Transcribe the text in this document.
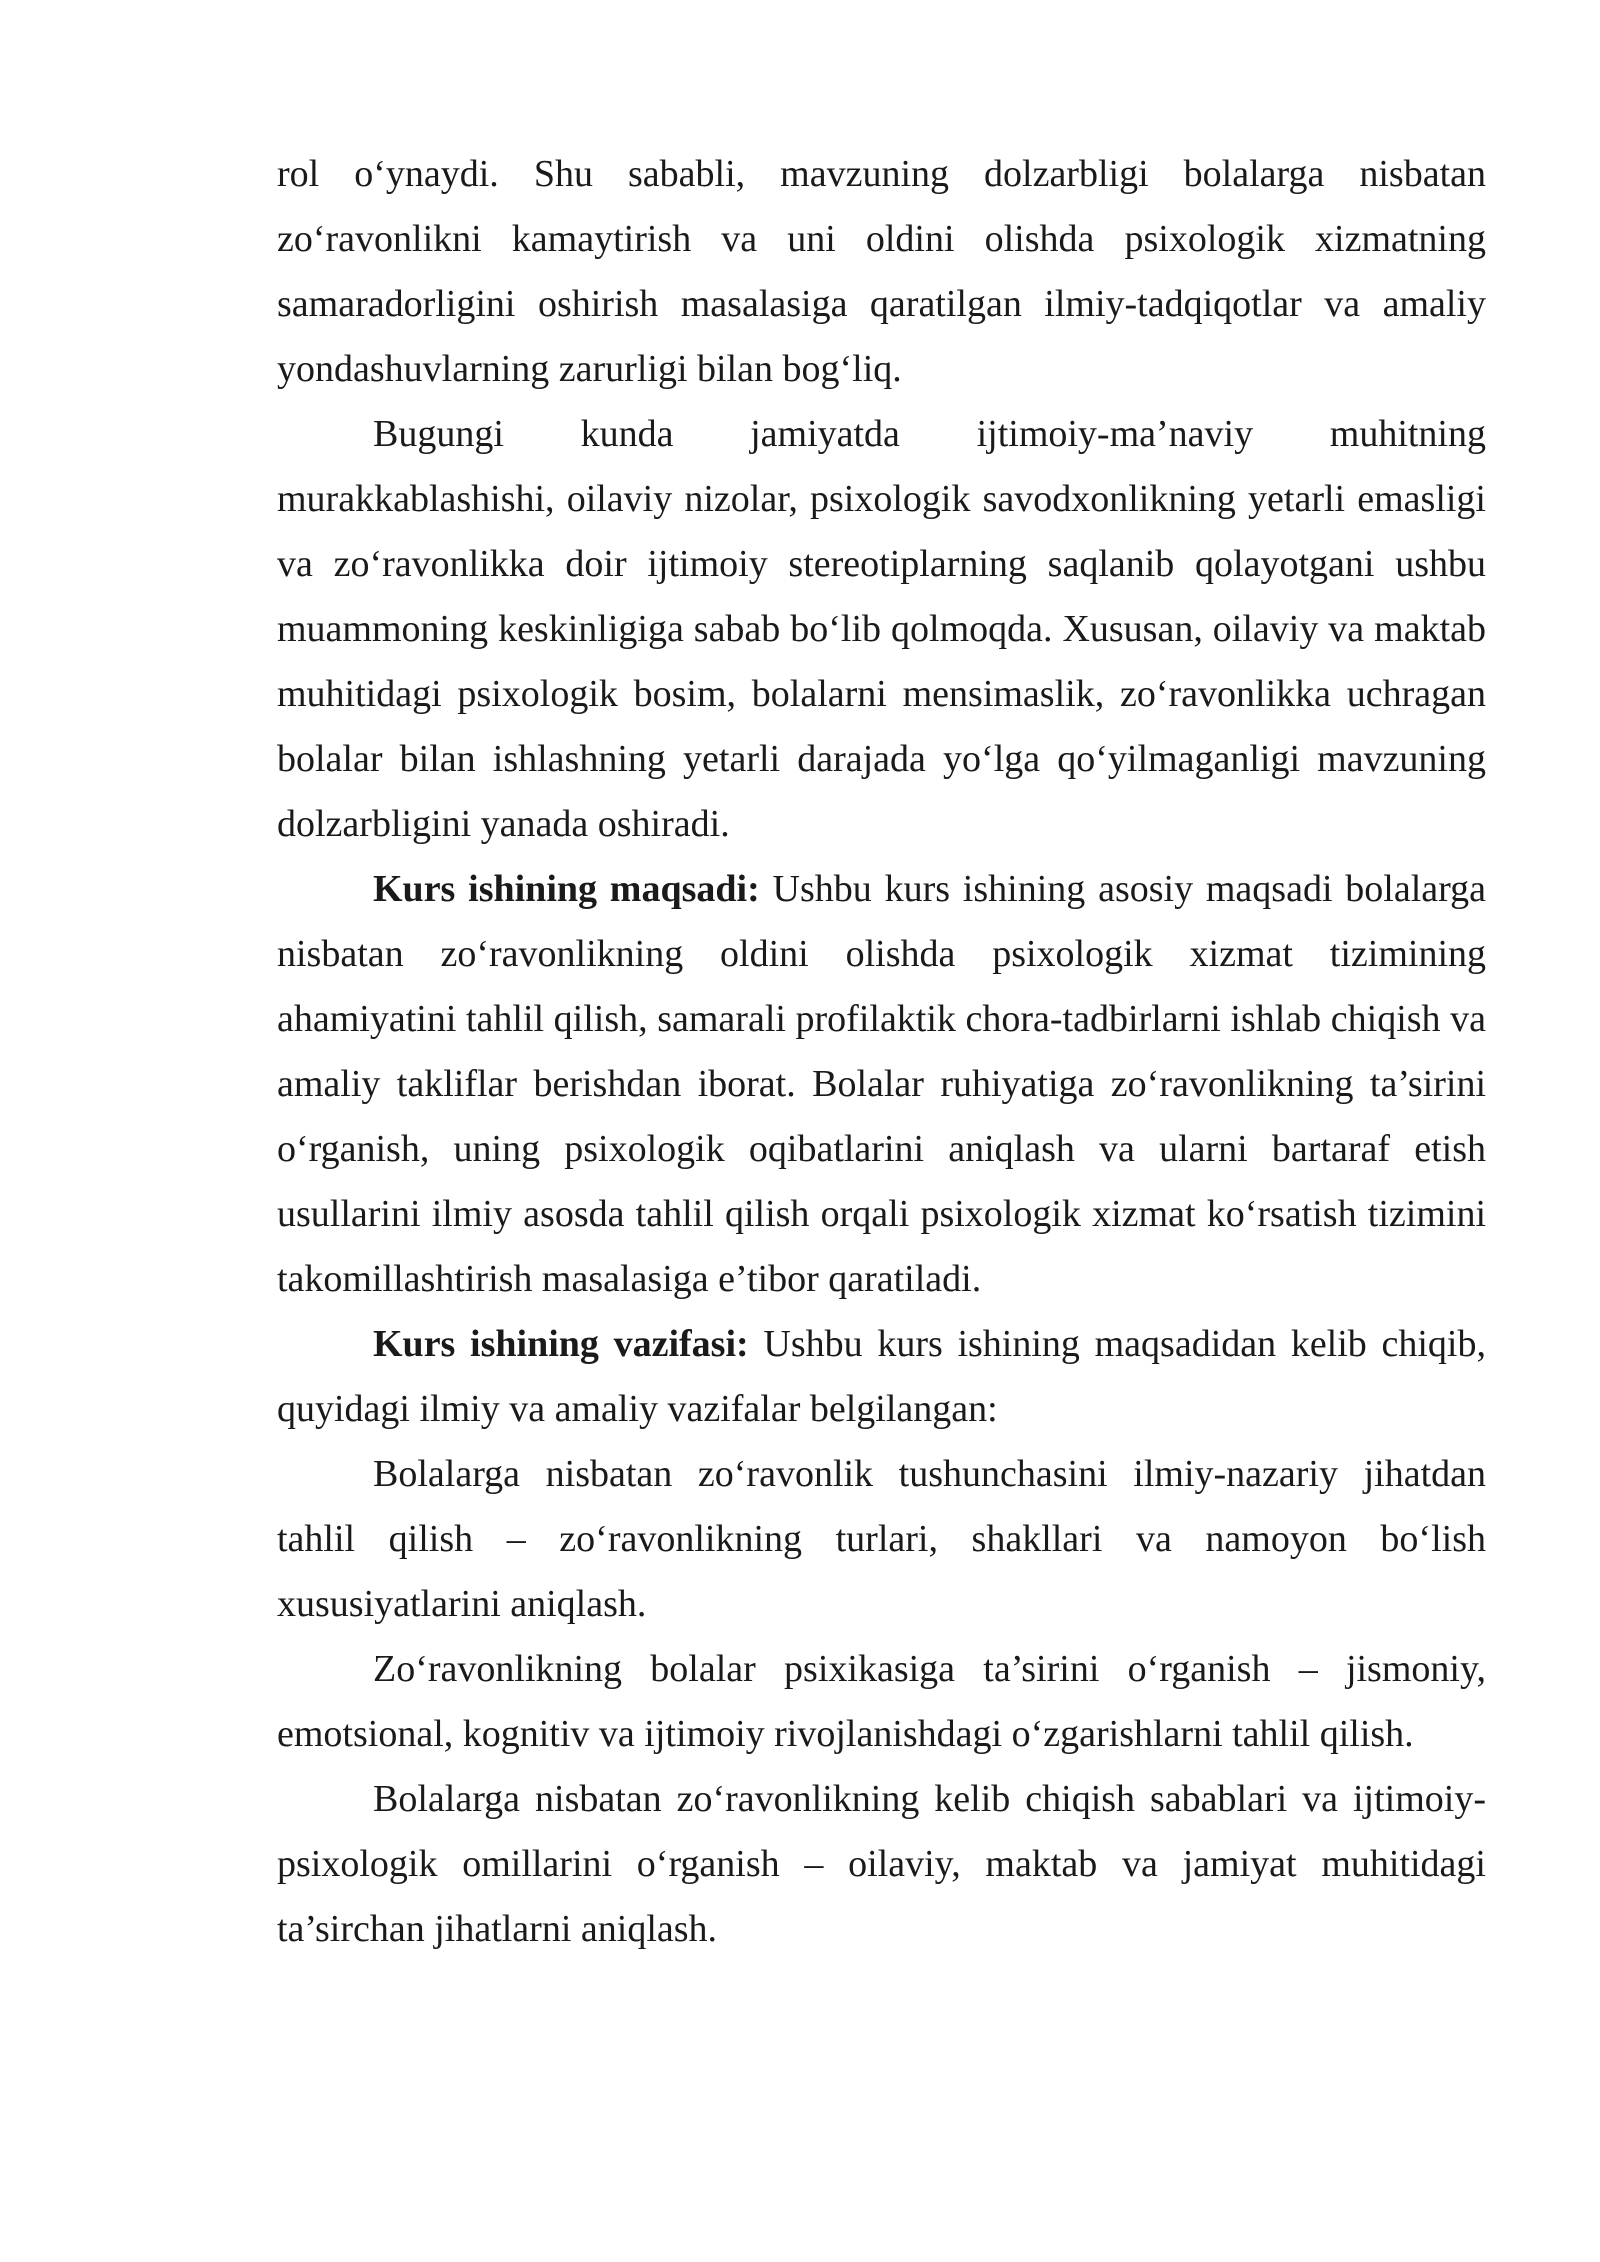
rol o‘ynaydi. Shu sababli, mavzuning dolzarbligi bolalarga nisbatan zo‘ravonlikni kamaytirish va uni oldini olishda psixologik xizmatning samaradorligini oshirish masalasiga qaratilgan ilmiy-tadqiqotlar va amaliy yondashuvlarning zarurligi bilan bog‘liq.

Bugungi kunda jamiyatda ijtimoiy-ma’naviy muhitning murakkablashishi, oilaviy nizolar, psixologik savodxonlikning yetarli emasligi va zo‘ravonlikka doir ijtimoiy stereotiplarning saqlanib qolayotgani ushbu muammoning keskinligiga sabab bo‘lib qolmoqda. Xususan, oilaviy va maktab muhitidagi psixologik bosim, bolalarni mensimaslik, zo‘ravonlikka uchragan bolalar bilan ishlashning yetarli darajada yo‘lga qo‘yilmaganligi mavzuning dolzarbligini yanada oshiradi.

Kurs ishining maqsadi: Ushbu kurs ishining asosiy maqsadi bolalarga nisbatan zo‘ravonlikning oldini olishda psixologik xizmat tizimining ahamiyatini tahlil qilish, samarali profilaktik chora-tadbirlarni ishlab chiqish va amaliy takliflar berishdan iborat. Bolalar ruhiyatiga zo‘ravonlikning ta’sirini o‘rganish, uning psixologik oqibatlarini aniqlash va ularni bartaraf etish usullarini ilmiy asosda tahlil qilish orqali psixologik xizmat ko‘rsatish tizimini takomillashtirish masalasiga e’tibor qaratiladi.

Kurs ishining vazifasi: Ushbu kurs ishining maqsadidan kelib chiqib, quyidagi ilmiy va amaliy vazifalar belgilangan:

Bolalarga nisbatan zo‘ravonlik tushunchasini ilmiy-nazariy jihatdan tahlil qilish – zo‘ravonlikning turlari, shakllari va namoyon bo‘lish xususiyatlarini aniqlash.

Zo‘ravonlikning bolalar psixikasiga ta’sirini o‘rganish – jismoniy, emotsional, kognitiv va ijtimoiy rivojlanishdagi o‘zgarishlarni tahlil qilish.

Bolalarga nisbatan zo‘ravonlikning kelib chiqish sabablari va ijtimoiy-psixologik omillarini o‘rganish – oilaviy, maktab va jamiyat muhitidagi ta’sirchan jihatlarni aniqlash.
